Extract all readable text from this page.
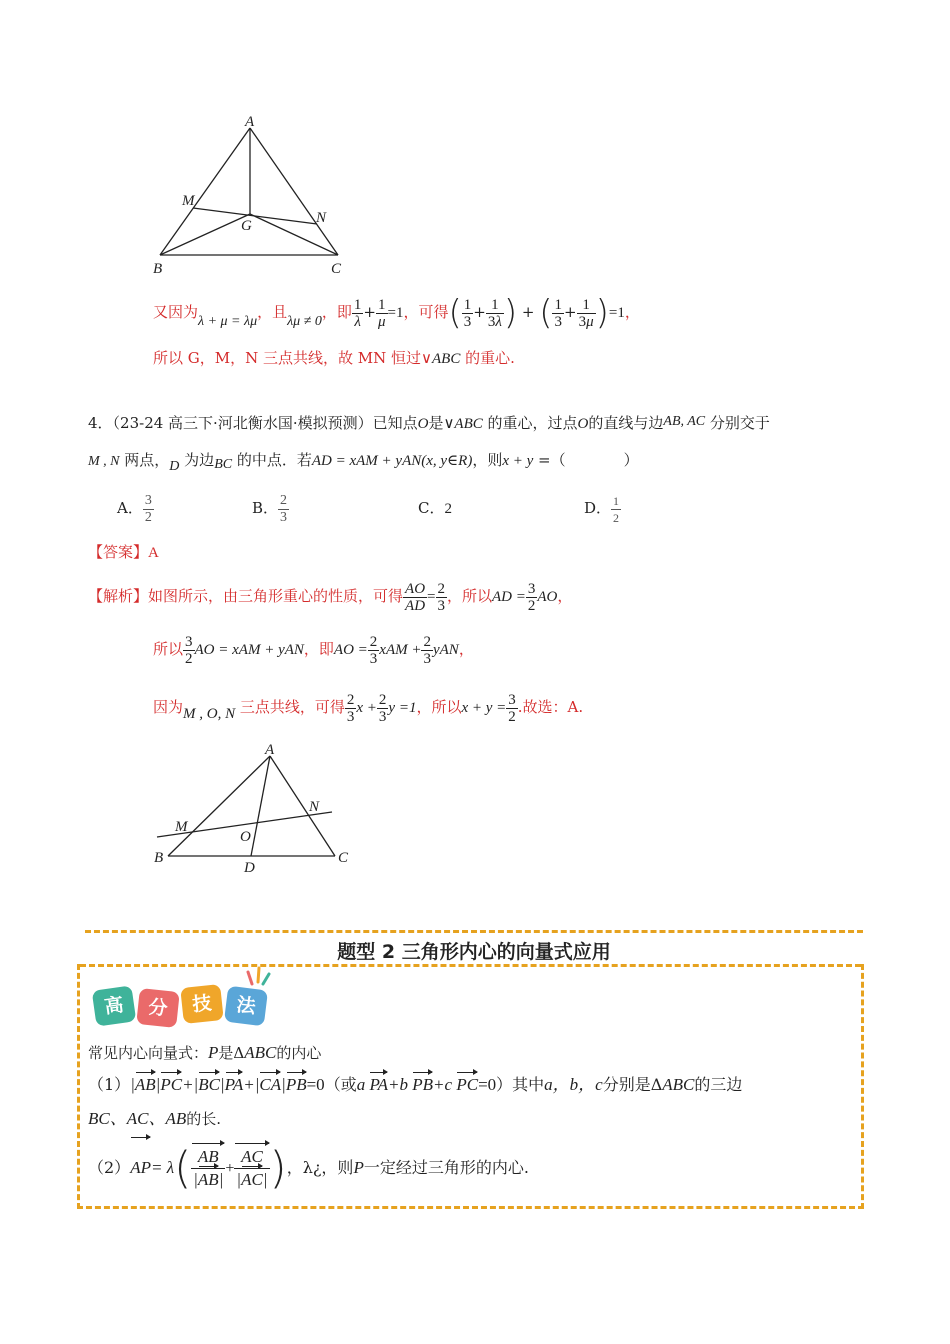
A
M
N
G
B	C
又因为λ + μ = λμ，且λμ ≠ 0，即 $\frac{1}{\lambda} + \frac{1}{\mu} =1$，可得( $\frac{1}{3} + \frac{1}{3\lambda}$ ) + ( $\frac{1}{3} + \frac{1}{3\mu} )=1$，
所以 G，M，N 三点共线，故 MN 恒过∨ABC 的重心.
4．（23-24 高三下·河北衡水国·模拟预测）已知点O是∨ABC 的重心，过点O的直线与边AB, AC 分别交于
M , N 两点，D 为边BC 的中点．若AD = xAM + yAN(x, y∈R)，则x + y =（	）
A． $\frac{3}{2}$	B． $\frac{2}{3}$	C．2	D． $\frac{1}{2}$
【答案】A
【解析】如图所示，由三角形重心的性质，可得 $\frac{AO}{AD} = \frac{2}{3}$ ，所以AD = $\frac{3}{2}$ AO，
所以 $\frac{3}{2}$ AO = xAM + yAN，即AO = $\frac{2}{3}$ xAM + $\frac{2}{3}$ yAN，
因为M , O, N 三点共线，可得 $\frac{2}{3}$ $x + \frac{2}{3}$ y =1，所以$x + y = \frac{3}{2}$ .故选：A.
A
M
N
O
B
D
C
题型 2 三角形内心的向量式应用
高	分	技	法
常见内心向量式：P是ΔABC的内心
（1）|AB|PC+|BC|PA+|CA|PB=0（或a PA+b PB+c PC=0）其中a，b，c分别是ΔABC的三边
BC、AC、AB的长.
$(2)AP= \lambda( \frac{AB}{|AB|} + \frac{AC}{|AC|}$ )，λ¿，则P一定经过三角形的内心.
